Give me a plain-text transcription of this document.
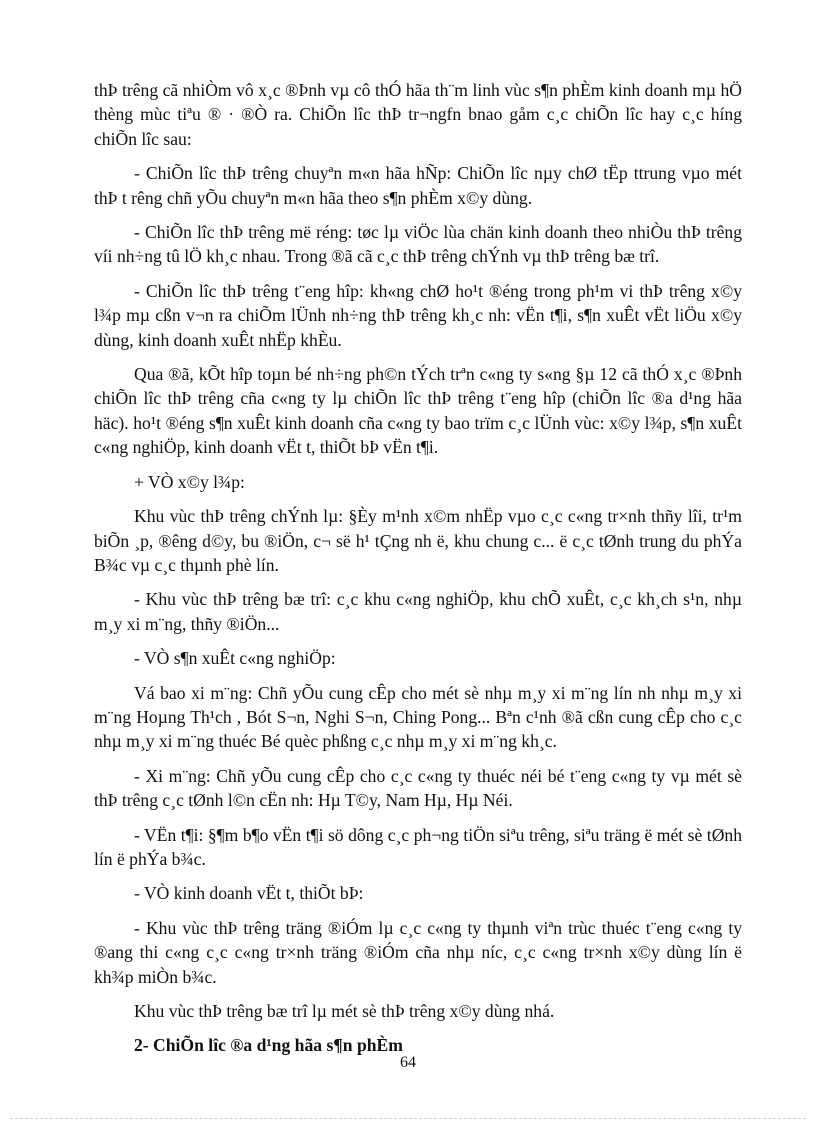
thÞ trêng cã nhiÒm vô x¸c ®Þnh vµ cô thÓ hãa th¨m linh vùc s¶n phÈm kinh doanh mµ hÖ thèng mùc tiªu ® · ®Ò ra. ChiÕn lîc thÞ tr¬ngfn bnao gåm c¸c chiÕn lîc hay c¸c híng chiÕn lîc sau:

- ChiÕn lîc thÞ trêng chuyªn m«n hãa hÑp: ChiÕn lîc nµy chØ tËp ttrung vµo mét thÞ t rêng chñ yÕu chuyªn m«n hãa theo s¶n phÈm x©y dùng.

- ChiÕn lîc thÞ trêng më réng: tøc lµ viÖc lùa chän kinh doanh theo nhiÒu thÞ trêng víi nh÷ng tû lÖ kh¸c nhau. Trong ®ã cã c¸c thÞ trêng chÝnh vµ thÞ trêng bæ trî.

- ChiÕn lîc thÞ trêng t¨eng hîp: kh«ng chØ ho¹t ®éng trong ph¹m vi thÞ trêng x©y l¾p mµ cßn v¬n ra chiÕm lÜnh nh÷ng thÞ trêng kh¸c nh: vËn t¶i, s¶n xuÊt vËt liÖu x©y dùng, kinh doanh xuÊt nhËp khÈu.

Qua ®ã, kÕt hîp toµn bé nh÷ng ph©n tÝch trªn c«ng ty s«ng §µ 12 cã thÓ x¸c ®Þnh chiÕn lîc thÞ trêng cña c«ng ty lµ chiÕn lîc thÞ trêng t¨eng hîp (chiÕn lîc ®a d¹ng hãa häc). ho¹t ®éng s¶n xuÊt kinh doanh cña c«ng ty bao trïm c¸c lÜnh vùc: x©y l¾p, s¶n xuÊt c«ng nghiÖp, kinh doanh vËt t, thiÕt bÞ vËn t¶i.

+ VÒ x©y l¾p:

Khu vùc thÞ trêng chÝnh lµ: §Èy m¹nh x©m nhËp vµo c¸c c«ng tr×nh thñy lîi, tr¹m biÕn ¸p, ®êng d©y, bu ®iÖn, c¬ së h¹ tÇng nh ë, khu chung c... ë c¸c tØnh trung du phÝa B¾c vµ c¸c thµnh phè lín.

- Khu vùc thÞ trêng bæ trî: c¸c khu c«ng nghiÖp, khu chÕ xuÊt, c¸c kh¸ch s¹n, nhµ m¸y xi m¨ng, thñy ®iÖn...

- VÒ s¶n xuÊt c«ng nghiÖp:

Vá bao xi m¨ng: Chñ yÕu cung cÊp cho mét sè nhµ m¸y xi m¨ng lín nh nhµ m¸y xi m¨ng Hoµng Th¹ch , Bót S¬n, Nghi S¬n, Ching Pong... Bªn c¹nh ®ã cßn cung cÊp cho c¸c nhµ m¸y xi m¨ng thuéc Bé quèc phßng c¸c nhµ m¸y xi m¨ng kh¸c.

- Xi m¨ng: Chñ yÕu cung cÊp cho c¸c c«ng ty thuéc néi bé t¨eng c«ng ty vµ mét sè thÞ trêng c¸c tØnh l©n cËn nh: Hµ T©y, Nam Hµ, Hµ Néi.

- VËn t¶i: §¶m b¶o vËn t¶i sö dông c¸c ph¬ng tiÖn siªu trêng, siªu träng ë mét sè tØnh lín ë phÝa b¾c.

- VÒ kinh doanh vËt t, thiÕt bÞ:

- Khu vùc thÞ trêng träng ®iÓm lµ c¸c c«ng ty thµnh viªn trùc thuéc t¨eng c«ng ty ®ang thi c«ng c¸c c«ng tr×nh träng ®iÓm cña nhµ níc, c¸c c«ng tr×nh x©y dùng lín ë kh¾p miÒn b¾c.

Khu vùc thÞ trêng bæ trî lµ mét sè thÞ trêng x©y dùng nhá.

2- ChiÕn lîc ®a d¹ng hãa s¶n phÈm

64
